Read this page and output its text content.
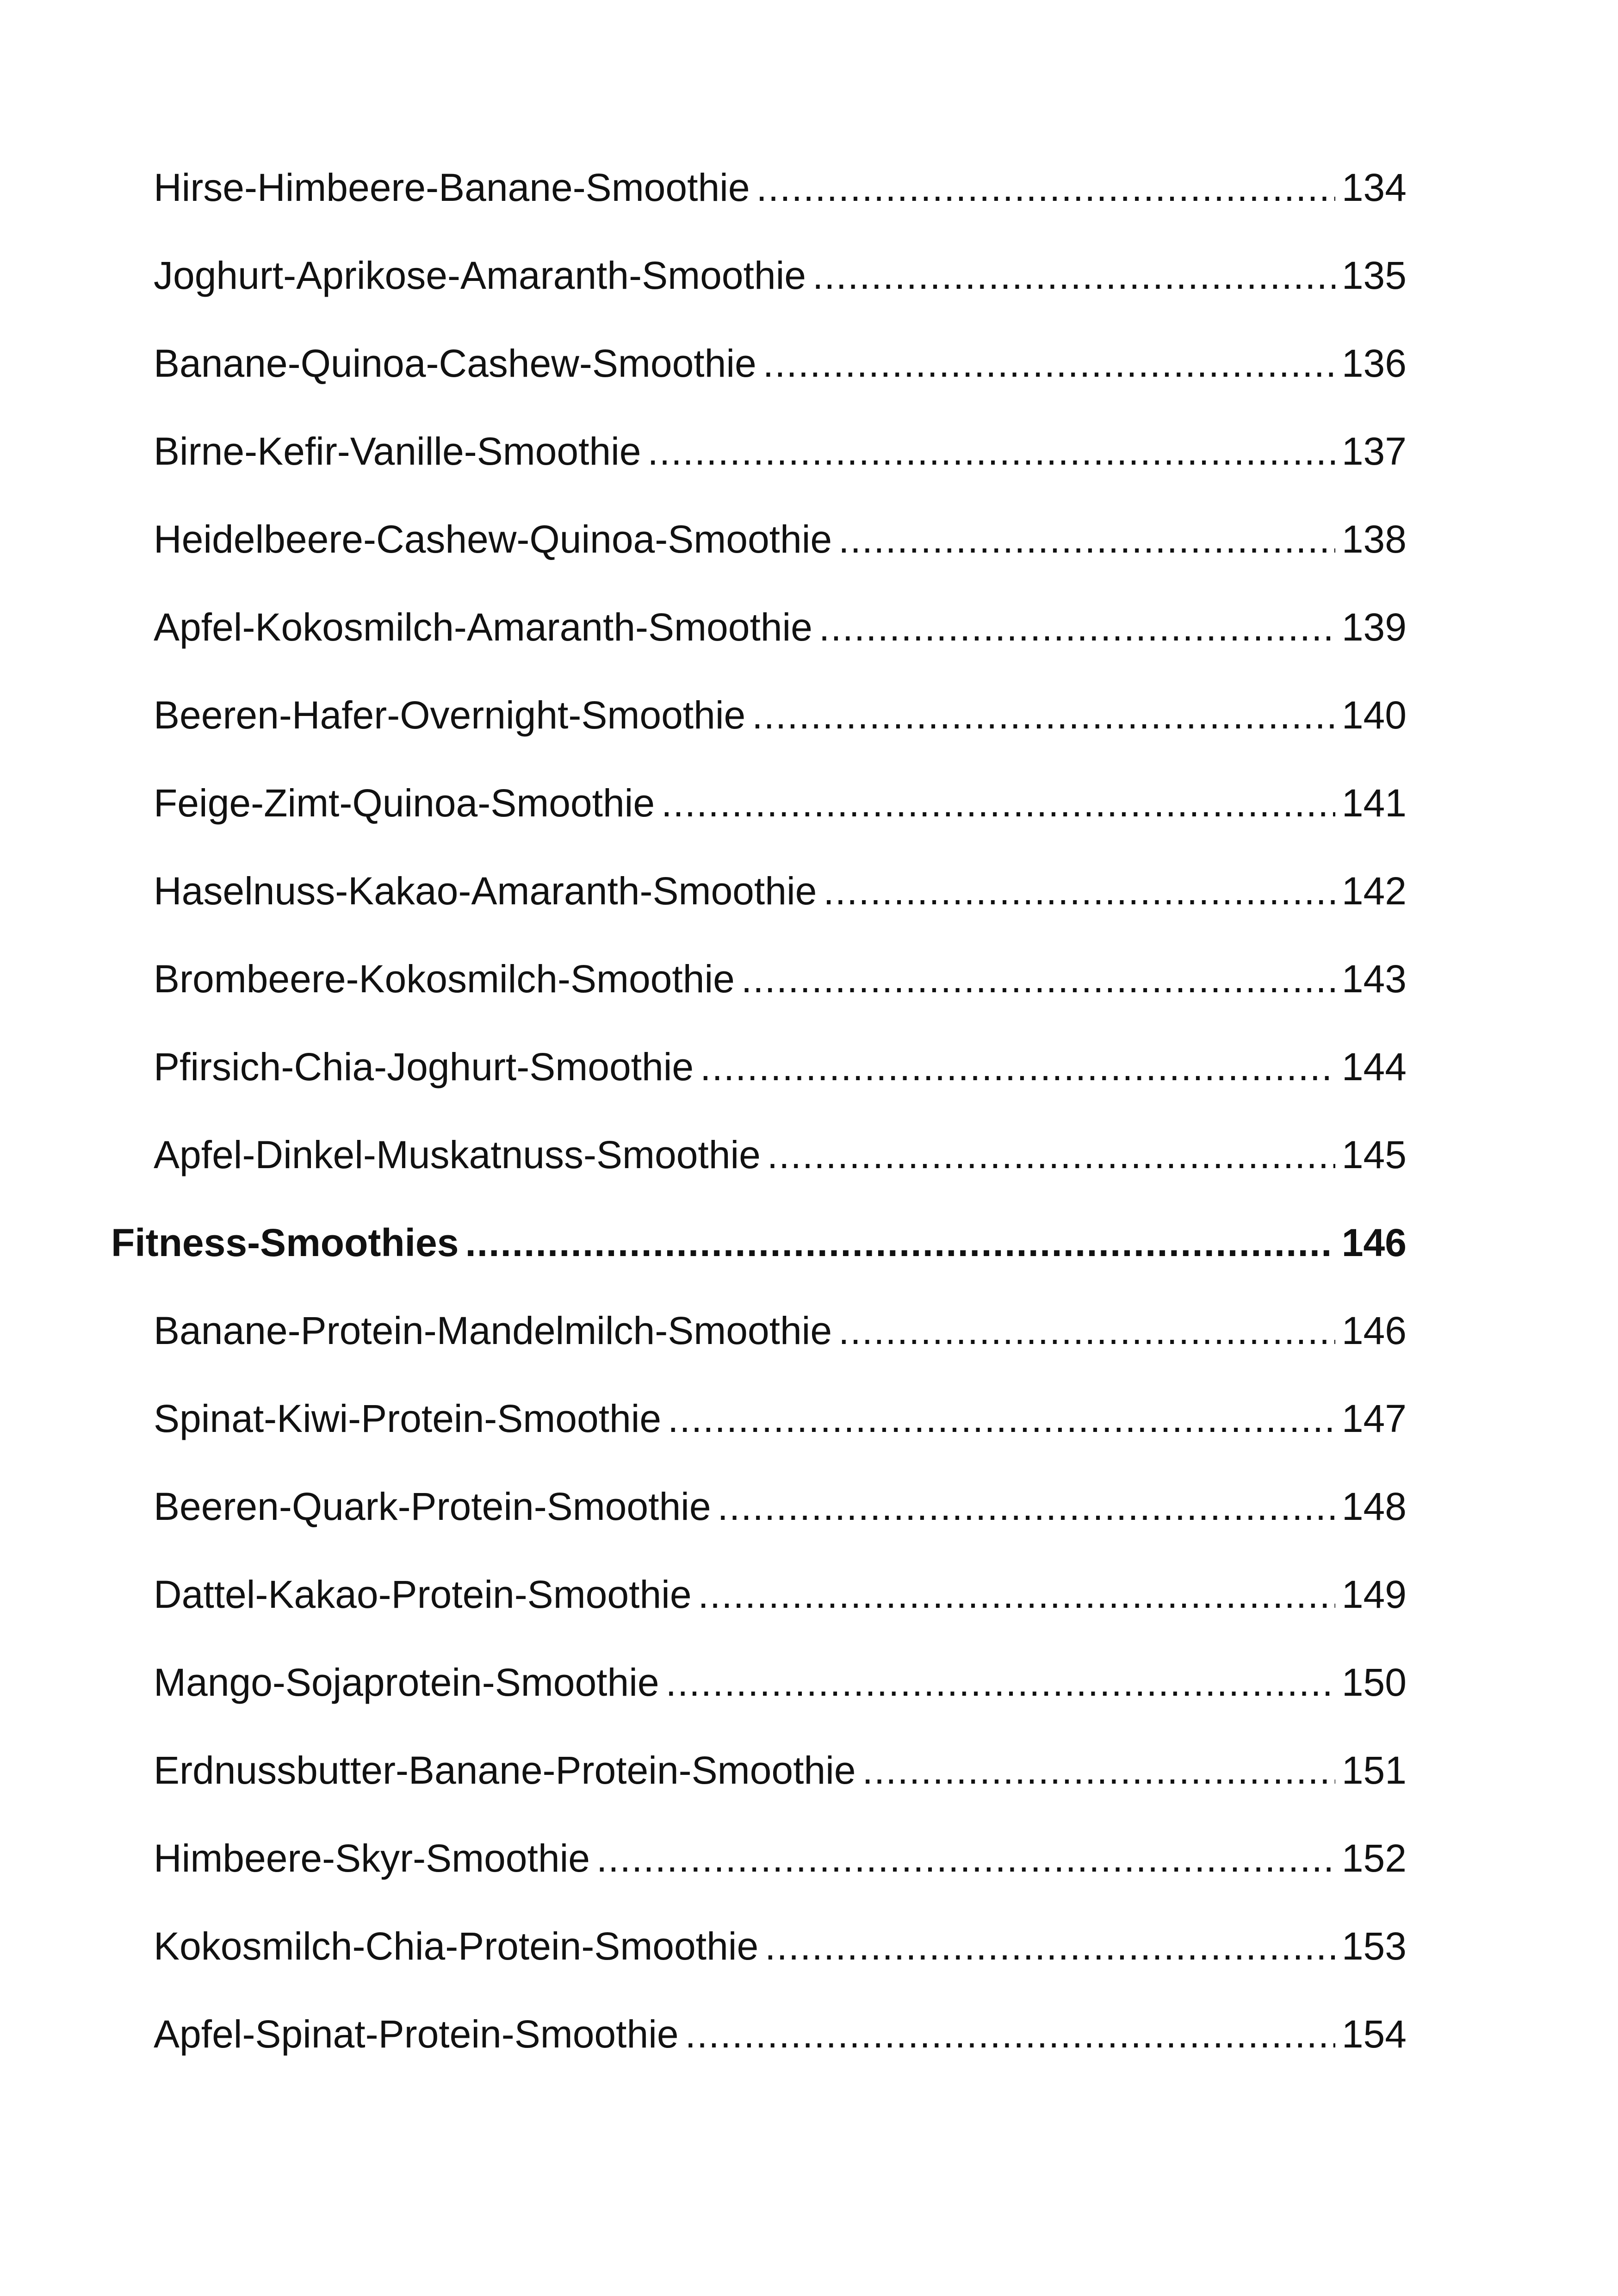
Hirse-Himbeere-Banane-Smoothie .....	134
Joghurt-Aprikose-Amaranth-Smoothie .....	135
Banane-Quinoa-Cashew-Smoothie .....	136
Birne-Kefir-Vanille-Smoothie .....	137
Heidelbeere-Cashew-Quinoa-Smoothie .....	138
Apfel-Kokosmilch-Amaranth-Smoothie .....	139
Beeren-Hafer-Overnight-Smoothie .....	140
Feige-Zimt-Quinoa-Smoothie .....	141
Haselnuss-Kakao-Amaranth-Smoothie .....	142
Brombeere-Kokosmilch-Smoothie .....	143
Pfirsich-Chia-Joghurt-Smoothie .....	144
Apfel-Dinkel-Muskatnuss-Smoothie .....	145
Fitness-Smoothies .....	146
Banane-Protein-Mandelmilch-Smoothie .....	146
Spinat-Kiwi-Protein-Smoothie .....	147
Beeren-Quark-Protein-Smoothie .....	148
Dattel-Kakao-Protein-Smoothie .....	149
Mango-Sojaprotein-Smoothie .....	150
Erdnussbutter-Banane-Protein-Smoothie .....	151
Himbeere-Skyr-Smoothie .....	152
Kokosmilch-Chia-Protein-Smoothie .....	153
Apfel-Spinat-Protein-Smoothie .....	154
